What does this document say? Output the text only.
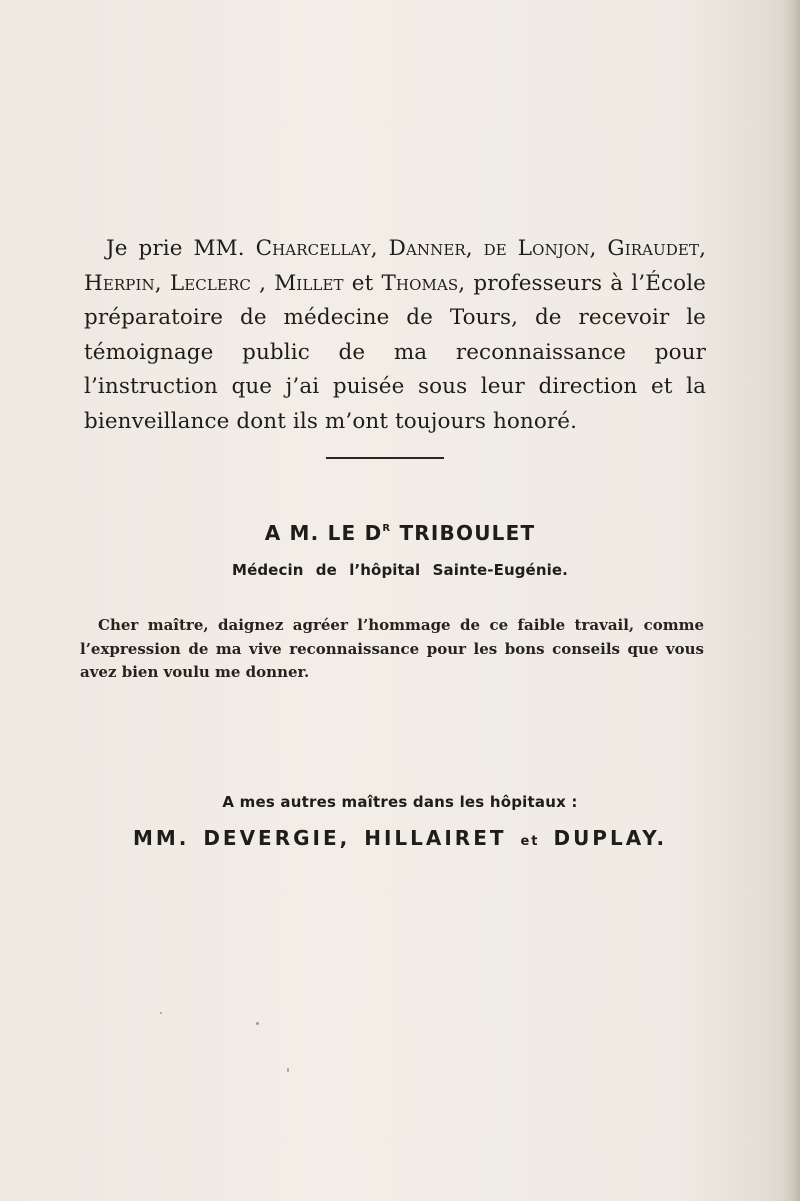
Je prie MM. Charcellay, Danner, de Lonjon, Giraudet, Herpin, Leclerc , Millet et Thomas, professeurs à l’École préparatoire de médecine de Tours, de recevoir le témoignage public de ma reconnaissance pour l’instruction que j’ai puisée sous leur direction et la bienveillance dont ils m’ont toujours honoré.

A M. LE $D^R$ TRIBOULET
Médecin de l’hôpital Sainte-Eugénie.

Cher maître, daignez agréer l’hommage de ce faible travail, comme l’expression de ma vive reconnaissance pour les bons conseils que vous avez bien voulu me donner.

A mes autres maîtres dans les hôpitaux :
MM. DEVERGIE, HILLAIRET et DUPLAY.
